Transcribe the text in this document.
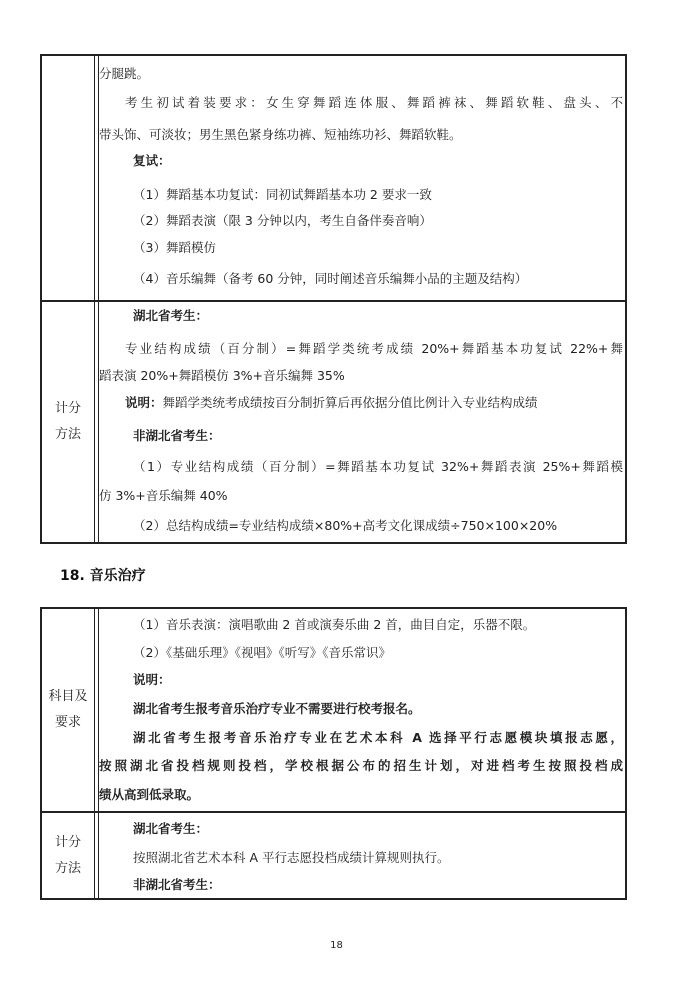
分腿跳。
考生初试着装要求：女生穿舞蹈连体服、舞蹈裤袜、舞蹈软鞋、盘头、不
带头饰、可淡妆；男生黑色紧身练功裤、短袖练功衫、舞蹈软鞋。
复试：
（1）舞蹈基本功复试：同初试舞蹈基本功 2 要求一致
（2）舞蹈表演（限 3 分钟以内，考生自备伴奏音响）
（3）舞蹈模仿
（4）音乐编舞（备考 60 分钟，同时阐述音乐编舞小品的主题及结构）
计分
方法
湖北省考生：
专业结构成绩（百分制）=舞蹈学类统考成绩 20%+舞蹈基本功复试 22%+舞
蹈表演 20%+舞蹈模仿 3%+音乐编舞 35%
说明：舞蹈学类统考成绩按百分制折算后再依据分值比例计入专业结构成绩
非湖北省考生：
（1）专业结构成绩（百分制）=舞蹈基本功复试 32%+舞蹈表演 25%+舞蹈模
仿 3%+音乐编舞 40%
（2）总结构成绩=专业结构成绩×80%+高考文化课成绩÷750×100×20%
18. 音乐治疗
科目及
要求
（1）音乐表演：演唱歌曲 2 首或演奏乐曲 2 首，曲目自定，乐器不限。
（2）《基础乐理》《视唱》《听写》《音乐常识》
说明：
湖北省考生报考音乐治疗专业不需要进行校考报名。
湖北省考生报考音乐治疗专业在艺术本科 A 选择平行志愿模块填报志愿，
按照湖北省投档规则投档，学校根据公布的招生计划，对进档考生按照投档成
绩从高到低录取。
计分
方法
湖北省考生：
按照湖北省艺术本科 A 平行志愿投档成绩计算规则执行。
非湖北省考生：
18
